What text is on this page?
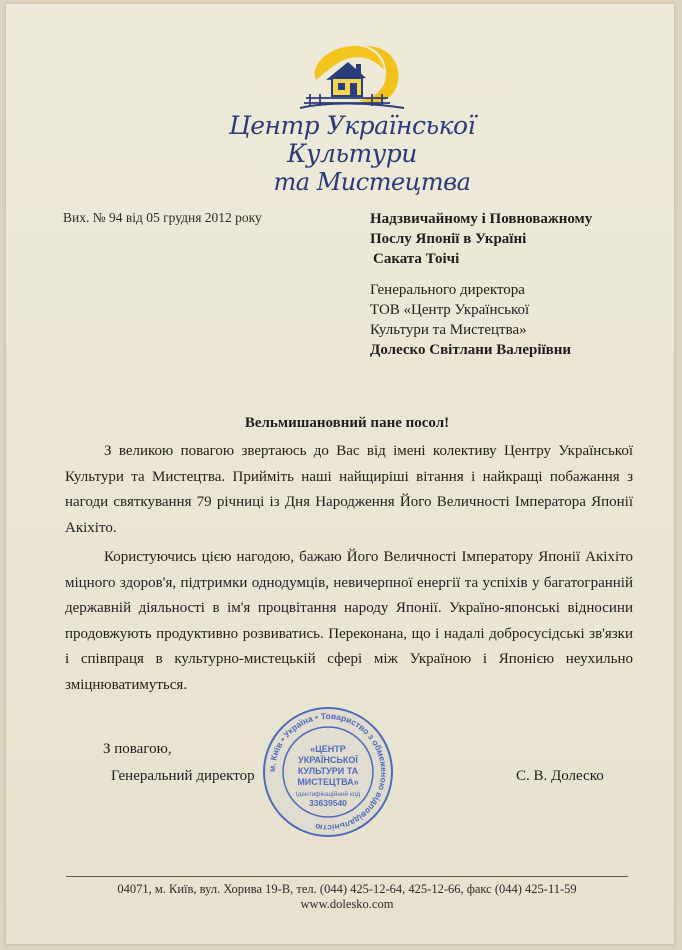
Центр Української Культури
та Мистецтва
Вих. № 94 від 05 грудня 2012 року	Надзвичайному і Повноважному
Послу Японії в Україні
Саката Тоічі
Генерального директора
ТОВ «Центр Української
Культури та Мистецтва»
Долеско Світлани Валеріївни
Вельмишановний пане посол!

З великою повагою звертаюсь до Вас від імені колективу Центру Української Культури та Мистецтва. Прийміть наші найщиріші вітання і найкращі побажання з нагоди святкування 79 річниці із Дня Народження Його Величності Імператора Японії Акіхіто.

Користуючись цією нагодою, бажаю Його Величності Імператору Японії Акіхіто міцного здоров'я, підтримки однодумців, невичерпної енергії та успіхів у багатогранній державній діяльності в ім'я процвітання народу Японії. Україно-японські відносини продовжують продуктивно розвиватись. Переконана, що і надалі добросусідські зв'язки і співпраця в культурно-мистецькій сфері між Україною і Японією неухильно зміцнюватимуться.

З повагою,
Генеральний директор	С. В. Долеско
м. Київ • Україна • Товариство з обмеженою відповідальністю
«ЦЕНТР
УКРАЇНСЬКОЇ
КУЛЬТУРИ ТА
МИСТЕЦТВА»
Ідентифікаційний код
33639540
04071, м. Київ, вул. Хорива 19-В, тел. (044) 425-12-64, 425-12-66, факс (044) 425-11-59
www.dolesko.com
